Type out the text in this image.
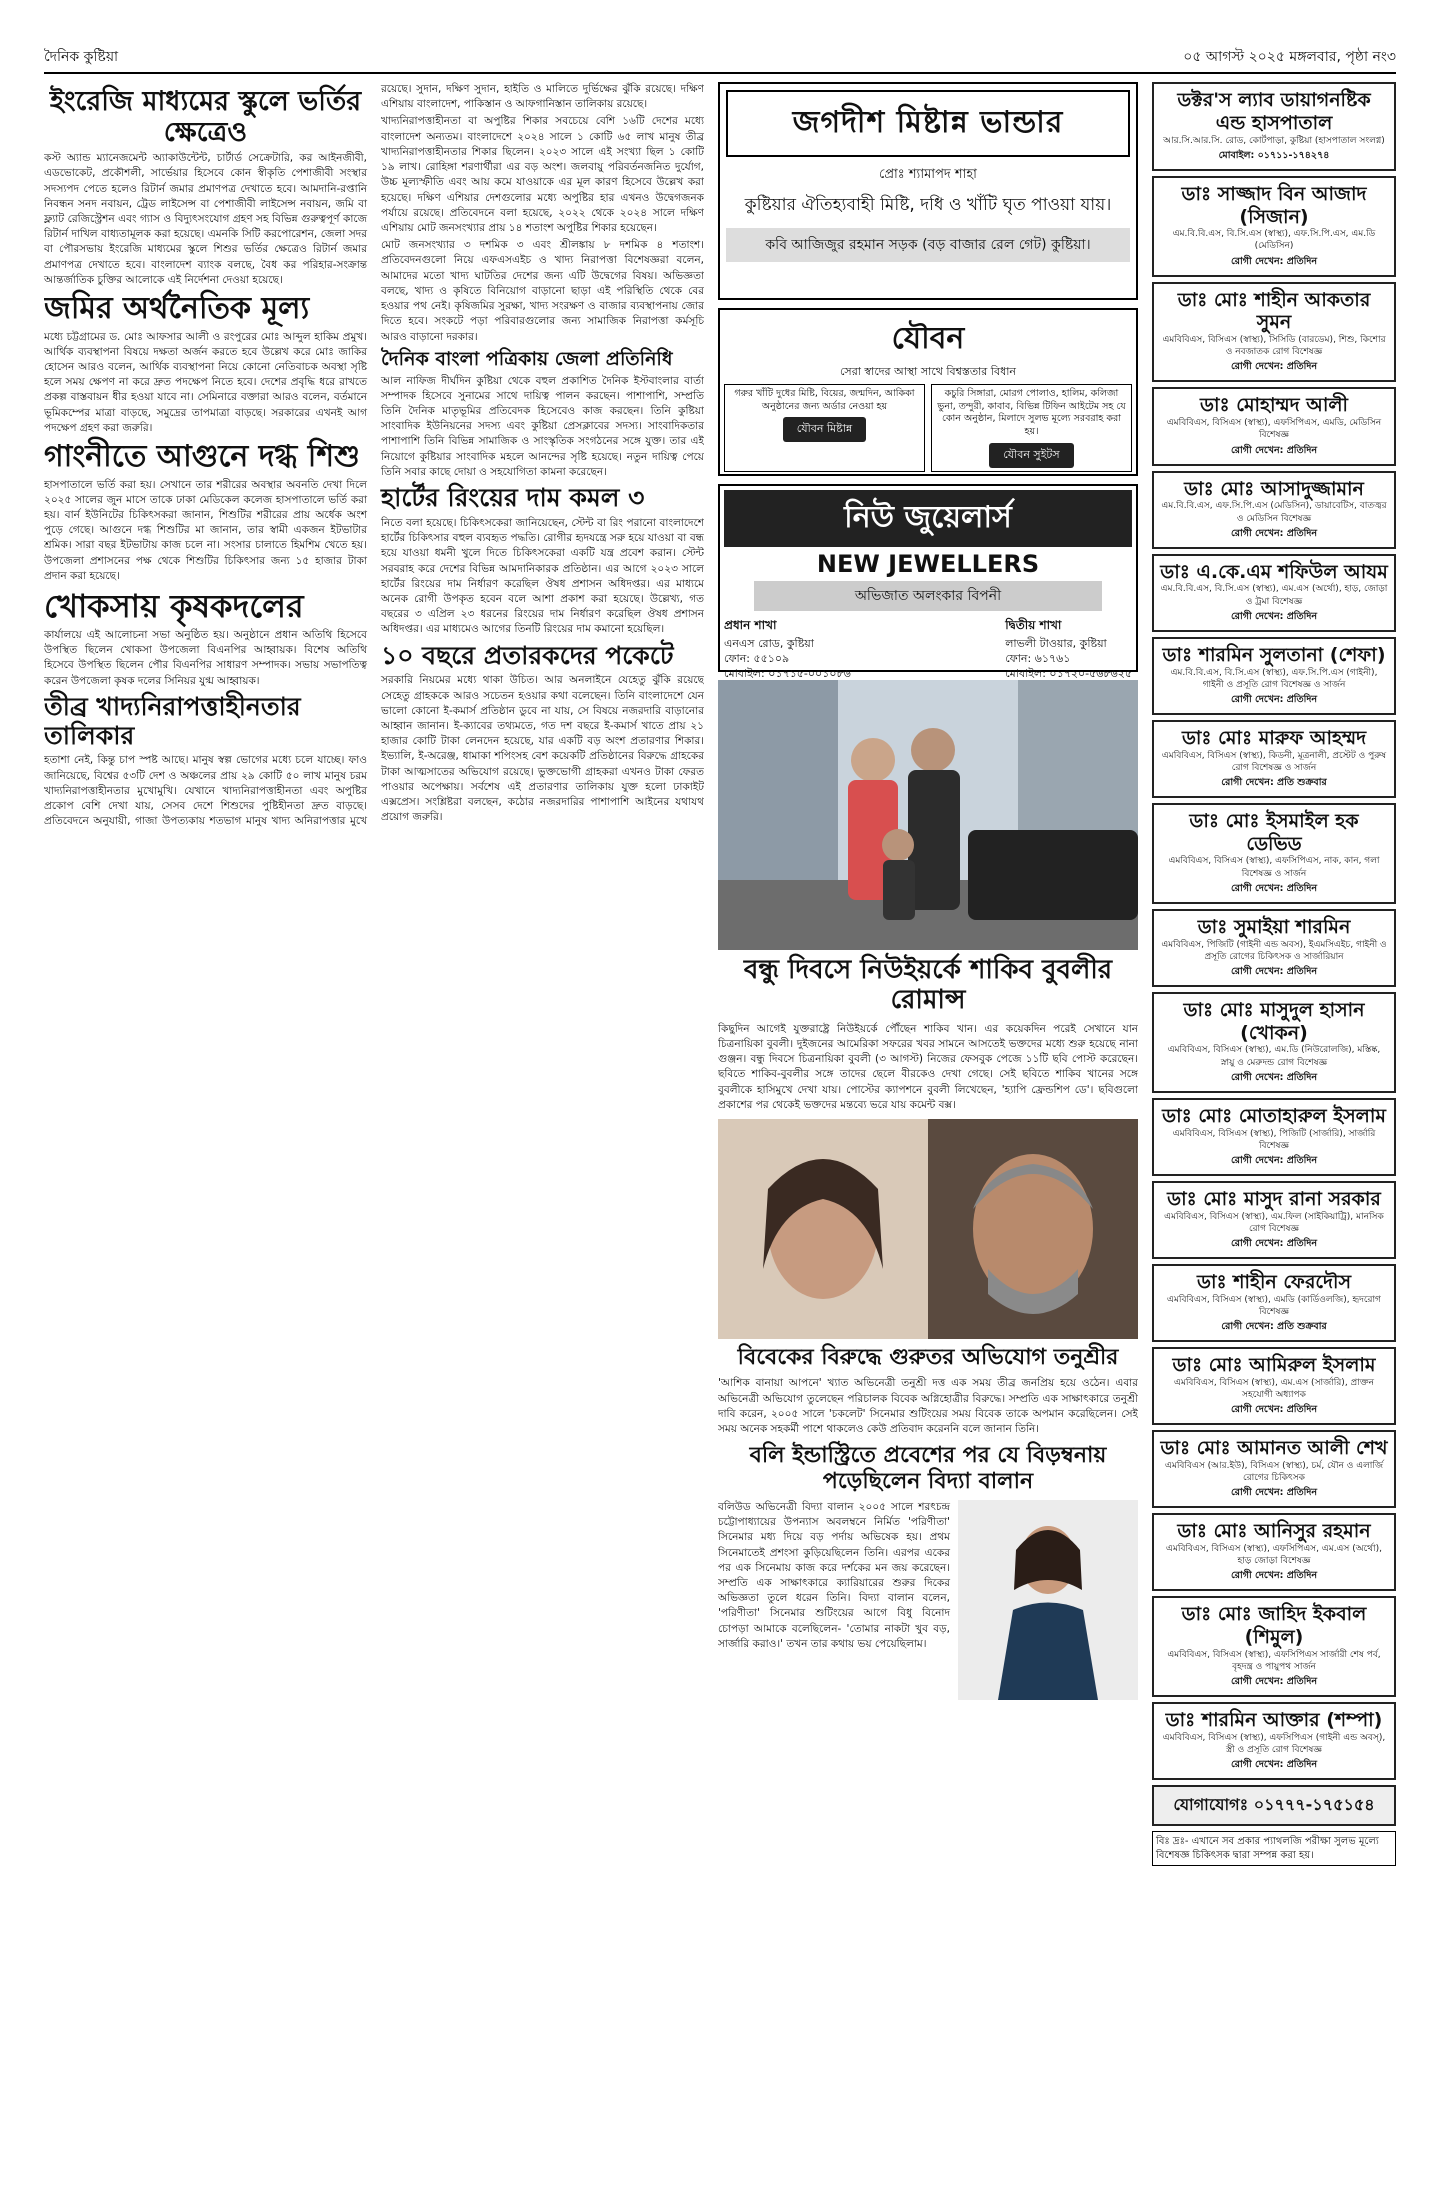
দৈনিক কুষ্টিয়া	০৫ আগস্ট ২০২৫ মঙ্গলবার, পৃষ্ঠা নং৩
ইংরেজি মাধ্যমের স্কুলে ভর্তির ক্ষেত্রেও

কস্ট অ্যান্ড ম্যানেজমেন্ট অ্যাকাউন্টেন্ট, চার্টার্ড সেক্রেটারি, কর আইনজীবী, এডভোকেট, প্রকৌশলী, সার্ভেয়ার হিসেবে কোন স্বীকৃতি পেশাজীবী সংস্থার সদস্যপদ পেতে হলেও রিটার্ন জমার প্রমাণপত্র দেখাতে হবে। আমদানি-রপ্তানি নিবন্ধন সনদ নবায়ন, ট্রেড লাইসেন্স বা পেশাজীবী লাইসেন্স নবায়ন, জমি বা ফ্ল্যাট রেজিস্ট্রেশন এবং গ্যাস ও বিদ্যুৎসংযোগ গ্রহণ সহ বিভিন্ন গুরুত্বপূর্ণ কাজে রিটার্ন দাখিল বাধ্যতামূলক করা হয়েছে। এমনকি সিটি করপোরেশন, জেলা সদর বা পৌরসভায় ইংরেজি মাধ্যমের স্কুলে শিশুর ভর্তির ক্ষেত্রেও রিটার্ন জমার প্রমাণপত্র দেখাতে হবে। বাংলাদেশ ব্যাংক বলছে, বৈধ কর পরিহার-সংক্রান্ত আন্তর্জাতিক চুক্তির আলোকে এই নির্দেশনা দেওয়া হয়েছে।

জমির অর্থনৈতিক মূল্য

মধ্যে চট্টগ্রামের ড. মোঃ আফসার আলী ও রংপুরের মোঃ আব্দুল হাকিম প্রমুখ। আর্থিক ব্যবস্থাপনা বিষয়ে দক্ষতা অর্জন করতে হবে উল্লেখ করে মোঃ জাকির হোসেন আরও বলেন, আর্থিক ব্যবস্থাপনা নিয়ে কোনো নেতিবাচক অবস্থা সৃষ্টি হলে সময় ক্ষেপণ না করে দ্রুত পদক্ষেপ নিতে হবে। দেশের প্রবৃদ্ধি ধরে রাখতে প্রকল্প বাস্তবায়ন ধীর হওয়া যাবে না। সেমিনারে বক্তারা আরও বলেন, বর্তমানে ভূমিকম্পের মাত্রা বাড়ছে, সমুদ্রের তাপমাত্রা বাড়ছে। সরকারের এখনই আগ পদক্ষেপ গ্রহণ করা জরুরি।

গাংনীতে আগুনে দগ্ধ শিশু

হাসপাতালে ভর্তি করা হয়। সেখানে তার শরীরের অবস্থার অবনতি দেখা দিলে ২০২৫ সালের জুন মাসে তাকে ঢাকা মেডিকেল কলেজ হাসপাতালে ভর্তি করা হয়। বার্ন ইউনিটের চিকিৎসকরা জানান, শিশুটির শরীরের প্রায় অর্ধেক অংশ পুড়ে গেছে। আগুনে দগ্ধ শিশুটির মা জানান, তার স্বামী একজন ইটভাটার শ্রমিক। সারা বছর ইটভাটায় কাজ চলে না। সংসার চালাতে হিমশিম খেতে হয়। উপজেলা প্রশাসনের পক্ষ থেকে শিশুটির চিকিৎসার জন্য ১৫ হাজার টাকা প্রদান করা হয়েছে।

খোকসায় কৃষকদলের

কার্যালয়ে এই আলোচনা সভা অনুষ্ঠিত হয়। অনুষ্ঠানে প্রধান অতিথি হিসেবে উপস্থিত ছিলেন খোকসা উপজেলা বিএনপির আহ্বায়ক। বিশেষ অতিথি হিসেবে উপস্থিত ছিলেন পৌর বিএনপির সাধারণ সম্পাদক। সভায় সভাপতিত্ব করেন উপজেলা কৃষক দলের সিনিয়র যুগ্ম আহ্বায়ক।

তীব্র খাদ্যনিরাপত্তাহীনতার তালিকার

হতাশা নেই, কিন্তু চাপ স্পষ্ট আছে। মানুষ স্বল্প ভোগের মধ্যে চলে যাচ্ছে। ফাও জানিয়েছে, বিশ্বের ৫৩টি দেশ ও অঞ্চলের প্রায় ২৯ কোটি ৫০ লাখ মানুষ চরম খাদ্যনিরাপত্তাহীনতার মুখোমুখি। যেখানে খাদ্যনিরাপত্তাহীনতা এবং অপুষ্টির প্রকোপ বেশি দেখা যায়, সেসব দেশে শিশুদের পুষ্টিহীনতা দ্রুত বাড়ছে। প্রতিবেদনে অনুযায়ী, গাজা উপত্যকায় শতভাগ মানুষ খাদ্য অনিরাপত্তার মুখে রয়েছে। সুদান, দক্ষিণ সুদান, হাইতি ও মালিতে দুর্ভিক্ষের ঝুঁকি রয়েছে। দক্ষিণ এশিয়ায় বাংলাদেশ, পাকিস্তান ও আফগানিস্তান তালিকায় রয়েছে।

খাদ্যনিরাপত্তাহীনতা বা অপুষ্টির শিকার সবচেয়ে বেশি ১৬টি দেশের মধ্যে বাংলাদেশ অন্যতম। বাংলাদেশে ২০২৪ সালে ১ কোটি ৬৫ লাখ মানুষ তীব্র খাদ্যনিরাপত্তাহীনতার শিকার ছিলেন। ২০২৩ সালে এই সংখ্যা ছিল ১ কোটি ১৯ লাখ। রোহিঙ্গা শরণার্থীরা এর বড় অংশ। জলবায়ু পরিবর্তনজনিত দুর্যোগ, উচ্চ মূল্যস্ফীতি এবং আয় কমে যাওয়াকে এর মূল কারণ হিসেবে উল্লেখ করা হয়েছে। দক্ষিণ এশিয়ার দেশগুলোর মধ্যে অপুষ্টির হার এখনও উদ্বেগজনক পর্যায়ে রয়েছে। প্রতিবেদনে বলা হয়েছে, ২০২২ থেকে ২০২৪ সালে দক্ষিণ এশিয়ায় মোট জনসংখ্যার প্রায় ১৪ শতাংশ অপুষ্টির শিকার হয়েছেন।

মোট জনসংখ্যার ৩ দশমিক ৩ এবং শ্রীলঙ্কায় ৮ দশমিক ৪ শতাংশ। প্রতিবেদনগুলো নিয়ে এফএসএইচ ও খাদ্য নিরাপত্তা বিশেষজ্ঞরা বলেন, আমাদের মতো খাদ্য ঘাটতির দেশের জন্য এটি উদ্বেগের বিষয়। অভিজ্ঞতা বলছে, খাদ্য ও কৃষিতে বিনিয়োগ বাড়ানো ছাড়া এই পরিস্থিতি থেকে বের হওয়ার পথ নেই। কৃষিজমির সুরক্ষা, খাদ্য সংরক্ষণ ও বাজার ব্যবস্থাপনায় জোর দিতে হবে। সংকটে পড়া পরিবারগুলোর জন্য সামাজিক নিরাপত্তা কর্মসূচি আরও বাড়ানো দরকার।

দৈনিক বাংলা পত্রিকায় জেলা প্রতিনিধি

আল নাফিজ দীর্ঘদিন কুষ্টিয়া থেকে বহুল প্রকাশিত দৈনিক ইস্টবাংলার বার্তা সম্পাদক হিসেবে সুনামের সাথে দায়িত্ব পালন করছেন। পাশাপাশি, সম্প্রতি তিনি দৈনিক মাতৃভূমির প্রতিবেদক হিসেবেও কাজ করছেন। তিনি কুষ্টিয়া সাংবাদিক ইউনিয়নের সদস্য এবং কুষ্টিয়া প্রেসক্লাবের সদস্য। সাংবাদিকতার পাশাপাশি তিনি বিভিন্ন সামাজিক ও সাংস্কৃতিক সংগঠনের সঙ্গে যুক্ত। তার এই নিয়োগে কুষ্টিয়ার সাংবাদিক মহলে আনন্দের সৃষ্টি হয়েছে। নতুন দায়িত্ব পেয়ে তিনি সবার কাছে দোয়া ও সহযোগিতা কামনা করেছেন।

হার্টের রিংয়ের দাম কমল ৩

নিতে বলা হয়েছে। চিকিৎসকেরা জানিয়েছেন, স্টেন্ট বা রিং পরানো বাংলাদেশে হার্টের চিকিৎসার বহুল ব্যবহৃত পদ্ধতি। রোগীর হৃদযন্ত্রে সরু হয়ে যাওয়া বা বন্ধ হয়ে যাওয়া ধমনী খুলে দিতে চিকিৎসকেরা একটি যন্ত্র প্রবেশ করান। স্টেন্ট সরবরাহ করে দেশের বিভিন্ন আমদানিকারক প্রতিষ্ঠান। এর আগে ২০২৩ সালে হার্টের রিংয়ের দাম নির্ধারণ করেছিল ঔষধ প্রশাসন অধিদপ্তর। এর মাধ্যমে অনেক রোগী উপকৃত হবেন বলে আশা প্রকাশ করা হয়েছে। উল্লেখ্য, গত বছরের ৩ এপ্রিল ২৩ ধরনের রিংয়ের দাম নির্ধারণ করেছিল ঔষধ প্রশাসন অধিদপ্তর। এর মাধ্যমেও আগের তিনটি রিংয়ের দাম কমানো হয়েছিল।

১০ বছরে প্রতারকদের পকেটে

সরকারি নিয়মের মধ্যে থাকা উচিত। আর অনলাইনে যেহেতু ঝুঁকি রয়েছে সেহেতু গ্রাহককে আরও সচেতন হওয়ার কথা বলেছেন। তিনি বাংলাদেশে যেন ভালো কোনো ই-কমার্স প্রতিষ্ঠান ডুবে না যায়, সে বিষয়ে নজরদারি বাড়ানোর আহ্বান জানান। ই-ক্যাবের তথ্যমতে, গত দশ বছরে ই-কমার্স খাতে প্রায় ২১ হাজার কোটি টাকা লেনদেন হয়েছে, যার একটি বড় অংশ প্রতারণার শিকার। ইভ্যালি, ই-অরেঞ্জ, ধামাকা শপিংসহ বেশ কয়েকটি প্রতিষ্ঠানের বিরুদ্ধে গ্রাহকের টাকা আত্মসাতের অভিযোগ রয়েছে। ভুক্তভোগী গ্রাহকরা এখনও টাকা ফেরত পাওয়ার অপেক্ষায়। সর্বশেষ এই প্রতারণার তালিকায় যুক্ত হলো ঢাকাইট এক্সপ্রেস। সংশ্লিষ্টরা বলছেন, কঠোর নজরদারির পাশাপাশি আইনের যথাযথ প্রয়োগ জরুরি।

জগদীশ মিষ্টান্ন ভান্ডার
প্রোঃ শ্যামাপদ শাহা
কুষ্টিয়ার ঐতিহ্যবাহী মিষ্টি, দধি ও খাঁটি ঘৃত পাওয়া যায়।
কবি আজিজুর রহমান সড়ক (বড় বাজার রেল গেট) কুষ্টিয়া।
যৌবন
সেরা স্বাদের আস্থা সাথে বিশ্বস্ততার বিধান
গরুর খাঁটি দুধের মিষ্টি, বিয়ের, জন্মদিন, আকিকা অনুষ্ঠানের জন্য অর্ডার নেওয়া হয়
যৌবন মিষ্টান্ন
কচুরি সিঙ্গারা, মোরগ পোলাও, হালিম, কলিজা ভুনা, তন্দুরী, কাবাব, বিভিন্ন টিফিন আইটেম সহ যে কোন অনুষ্ঠান, মিলাদে সুলভ মূল্যে সরবরাহ করা হয়।
যৌবন সুইটস
নিউ জুয়েলার্স
NEW JEWELLERS
অভিজাত অলংকার বিপনী
প্রধান শাখা
এনএস রোড, কুষ্টিয়া
ফোন: ৫৫১০৯
মোবাইল: ০১৭১৫-০০১০৮৬
দ্বিতীয় শাখা
লাভলী টাওয়ার, কুষ্টিয়া
ফোন: ৬১৭৬১
মোবাইল: ০১৭২০-৫৬৮৬২৫
বন্ধু দিবসে নিউইয়র্কে শাকিব বুবলীর রোমান্স

কিছুদিন আগেই যুক্তরাষ্ট্রে নিউইয়র্কে পৌঁছেন শাকিব খান। এর কয়েকদিন পরেই সেখানে যান চিত্রনায়িকা বুবলী। দুইজনের আমেরিকা সফরের খবর সামনে আসতেই ভক্তদের মধ্যে শুরু হয়েছে নানা গুঞ্জন। বন্ধু দিবসে চিত্রনায়িকা বুবলী (৩ আগস্ট) নিজের ফেসবুক পেজে ১১টি ছবি পোস্ট করেছেন। ছবিতে শাকিব-বুবলীর সঙ্গে তাদের ছেলে বীরকেও দেখা গেছে। সেই ছবিতে শাকিব খানের সঙ্গে বুবলীকে হাসিমুখে দেখা যায়। পোস্টের ক্যাপশনে বুবলী লিখেছেন, 'হ্যাপি ফ্রেন্ডশিপ ডে'। ছবিগুলো প্রকাশের পর থেকেই ভক্তদের মন্তব্যে ভরে যায় কমেন্ট বক্স।

বিবেকের বিরুদ্ধে গুরুতর অভিযোগ তনুশ্রীর

'আশিক বানায়া আপনে' খ্যাত অভিনেত্রী তনুশ্রী দত্ত এক সময় তীব্র জনপ্রিয় হয়ে ওঠেন। এবার অভিনেত্রী অভিযোগ তুলেছেন পরিচালক বিবেক অগ্নিহোত্রীর বিরুদ্ধে। সম্প্রতি এক সাক্ষাৎকারে তনুশ্রী দাবি করেন, ২০০৫ সালে 'চকলেট' সিনেমার শুটিংয়ের সময় বিবেক তাকে অপমান করেছিলেন। সেই সময় অনেক সহকর্মী পাশে থাকলেও কেউ প্রতিবাদ করেননি বলে জানান তিনি।

বলি ইন্ডাস্ট্রিতে প্রবেশের পর যে বিড়ম্বনায় পড়েছিলেন বিদ্যা বালান

বলিউড অভিনেত্রী বিদ্যা বালান ২০০৫ সালে শরৎচন্দ্র চট্টোপাধ্যায়ের উপন্যাস অবলম্বনে নির্মিত 'পরিণীতা' সিনেমার মধ্য দিয়ে বড় পর্দায় অভিষেক হয়। প্রথম সিনেমাতেই প্রশংসা কুড়িয়েছিলেন তিনি। এরপর একের পর এক সিনেমায় কাজ করে দর্শকের মন জয় করেছেন। সম্প্রতি এক সাক্ষাৎকারে ক্যারিয়ারের শুরুর দিকের অভিজ্ঞতা তুলে ধরেন তিনি। বিদ্যা বালান বলেন, 'পরিণীতা' সিনেমার শুটিংয়ের আগে বিধু বিনোদ চোপড়া আমাকে বলেছিলেন- 'তোমার নাকটা খুব বড়, সার্জারি করাও।' তখন তার কথায় ভয় পেয়েছিলাম।

ডক্টর'স ল্যাব ডায়াগনষ্টিক এন্ড হাসপাতাল
আর.সি.আর.সি. রোড, কোর্টপাড়া, কুষ্টিয়া (হাসপাতাল সংলগ্ন)
মোবাইল: ০১৭১১-১৭৪২৭৪
ডাঃ সাজ্জাদ বিন আজাদ (সিজান)
এম.বি.বি.এস, বি.সি.এস (স্বাস্থ্য), এফ.সি.পি.এস, এম.ডি (মেডিসিন)
রোগী দেখেন: প্রতিদিন
ডাঃ মোঃ শাহীন আকতার সুমন
এমবিবিএস, বিসিএস (স্বাস্থ্য), সিসিডি (বারডেম), শিশু, কিশোর ও নবজাতক রোগ বিশেষজ্ঞ
রোগী দেখেন: প্রতিদিন
ডাঃ মোহাম্মদ আলী
এমবিবিএস, বিসিএস (স্বাস্থ্য), এফসিপিএস, এমডি, মেডিসিন বিশেষজ্ঞ
রোগী দেখেন: প্রতিদিন
ডাঃ মোঃ আসাদুজ্জামান
এম.বি.বি.এস, এফ.সি.পি.এস (মেডিসিন), ডায়াবেটিস, বাতজ্বর ও মেডিসিন বিশেষজ্ঞ
রোগী দেখেন: প্রতিদিন
ডাঃ এ.কে.এম শফিউল আযম
এম.বি.বি.এস, বি.সি.এস (স্বাস্থ্য), এম.এস (অর্থো), হাড়, জোড়া ও ট্রমা বিশেষজ্ঞ
রোগী দেখেন: প্রতিদিন
ডাঃ শারমিন সুলতানা (শেফা)
এম.বি.বি.এস, বি.সি.এস (স্বাস্থ্য), এফ.সি.পি.এস (গাইনী), গাইনী ও প্রসূতি রোগ বিশেষজ্ঞ ও সার্জন
রোগী দেখেন: প্রতিদিন
ডাঃ মোঃ মারুফ আহম্মদ
এমবিবিএস, বিসিএস (স্বাস্থ্য), কিডনী, মূত্রনালী, প্রস্টেট ও পুরুষ রোগ বিশেষজ্ঞ ও সার্জন
রোগী দেখেন: প্রতি শুক্রবার
ডাঃ মোঃ ইসমাইল হক ডেভিড
এমবিবিএস, বিসিএস (স্বাস্থ্য), এফসিপিএস, নাক, কান, গলা বিশেষজ্ঞ ও সার্জন
রোগী দেখেন: প্রতিদিন
ডাঃ সুমাইয়া শারমিন
এমবিবিএস, পিজিটি (গাইনী এন্ড অবস), ইএমসিএইচ, গাইনী ও প্রসূতি রোগের চিকিৎসক ও সার্জারিয়ান
রোগী দেখেন: প্রতিদিন
ডাঃ মোঃ মাসুদুল হাসান (খোকন)
এমবিবিএস, বিসিএস (স্বাস্থ্য), এম.ডি (নিউরোলজি), মস্তিষ্ক, স্নায়ু ও মেরুদন্ড রোগ বিশেষজ্ঞ
রোগী দেখেন: প্রতিদিন
ডাঃ মোঃ মোতাহারুল ইসলাম
এমবিবিএস, বিসিএস (স্বাস্থ্য), পিজিটি (সার্জারি), সার্জারি বিশেষজ্ঞ
রোগী দেখেন: প্রতিদিন
ডাঃ মোঃ মাসুদ রানা সরকার
এমবিবিএস, বিসিএস (স্বাস্থ্য), এম.ফিল (সাইকিয়াট্রি), মানসিক রোগ বিশেষজ্ঞ
রোগী দেখেন: প্রতিদিন
ডাঃ শাহীন ফেরদৌস
এমবিবিএস, বিসিএস (স্বাস্থ্য), এমডি (কার্ডিওলজি), হৃদরোগ বিশেষজ্ঞ
রোগী দেখেন: প্রতি শুক্রবার
ডাঃ মোঃ আমিরুল ইসলাম
এমবিবিএস, বিসিএস (স্বাস্থ্য), এম.এস (সার্জারি), প্রাক্তন সহযোগী অধ্যাপক
রোগী দেখেন: প্রতিদিন
ডাঃ মোঃ আমানত আলী শেখ
এমবিবিএস (আর.ইউ), বিসিএস (স্বাস্থ্য), চর্ম, যৌন ও এলার্জি রোগের চিকিৎসক
রোগী দেখেন: প্রতিদিন
ডাঃ মোঃ আনিসুর রহমান
এমবিবিএস, বিসিএস (স্বাস্থ্য), এফসিপিএস, এম.এস (অর্থো), হাড় জোড়া বিশেষজ্ঞ
রোগী দেখেন: প্রতিদিন
ডাঃ মোঃ জাহিদ ইকবাল (শিমুল)
এমবিবিএস, বিসিএস (স্বাস্থ্য), এফসিপিএস সার্জারী শেষ পর্ব, বৃহদন্ত্র ও পায়ুপথ সার্জন
রোগী দেখেন: প্রতিদিন
ডাঃ শারমিন আক্তার (শম্পা)
এমবিবিএস, বিসিএস (স্বাস্থ্য), এফসিপিএস (গাইনী এন্ড অবস্), স্ত্রী ও প্রসূতি রোগ বিশেষজ্ঞ
রোগী দেখেন: প্রতিদিন
যোগাযোগঃ ০১৭৭৭-১৭৫১৫৪
বিঃ দ্রঃ- এখানে সব প্রকার প্যাথলজি পরীক্ষা সুলভ মূল্যে বিশেষজ্ঞ চিকিৎসক দ্বারা সম্পন্ন করা হয়।
